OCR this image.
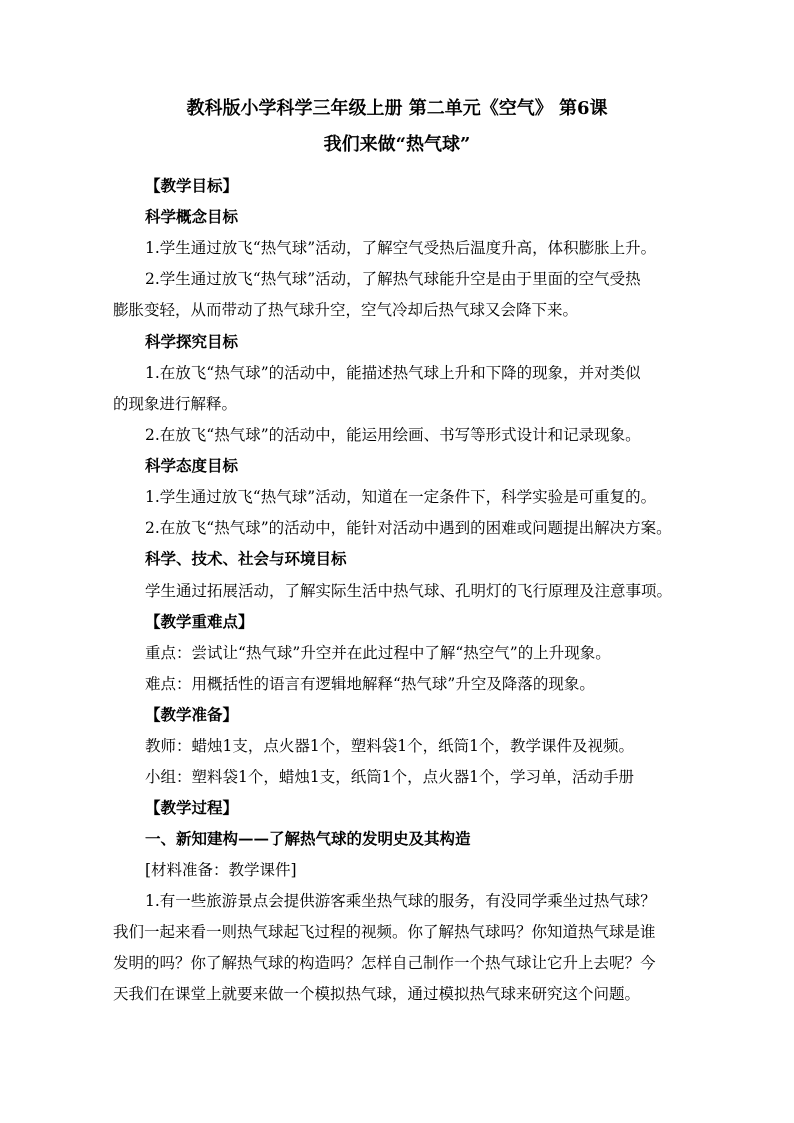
教科版小学科学三年级上册 第二单元《空气》 第6课
我们来做“热气球”
【教学目标】
科学概念目标
1.学生通过放飞“热气球”活动，了解空气受热后温度升高，体积膨胀上升。
2.学生通过放飞“热气球”活动，了解热气球能升空是由于里面的空气受热
膨胀变轻，从而带动了热气球升空，空气冷却后热气球又会降下来。
科学探究目标
1.在放飞“热气球”的活动中，能描述热气球上升和下降的现象，并对类似
的现象进行解释。
2.在放飞“热气球”的活动中，能运用绘画、书写等形式设计和记录现象。
科学态度目标
1.学生通过放飞“热气球”活动，知道在一定条件下，科学实验是可重复的。
2.在放飞“热气球”的活动中，能针对活动中遇到的困难或问题提出解决方案。
科学、技术、社会与环境目标
学生通过拓展活动，了解实际生活中热气球、孔明灯的飞行原理及注意事项。
【教学重难点】
重点：尝试让“热气球”升空并在此过程中了解“热空气”的上升现象。
难点：用概括性的语言有逻辑地解释“热气球”升空及降落的现象。
【教学准备】
教师：蜡烛1支，点火器1个，塑料袋1个，纸筒1个，教学课件及视频。
小组：塑料袋1个，蜡烛1支，纸筒1个，点火器1个，学习单，活动手册
【教学过程】
一、新知建构——了解热气球的发明史及其构造
[材料准备：教学课件]
1.有一些旅游景点会提供游客乘坐热气球的服务，有没同学乘坐过热气球？
我们一起来看一则热气球起飞过程的视频。你了解热气球吗？你知道热气球是谁
发明的吗？你了解热气球的构造吗？怎样自己制作一个热气球让它升上去呢？今
天我们在课堂上就要来做一个模拟热气球，通过模拟热气球来研究这个问题。
